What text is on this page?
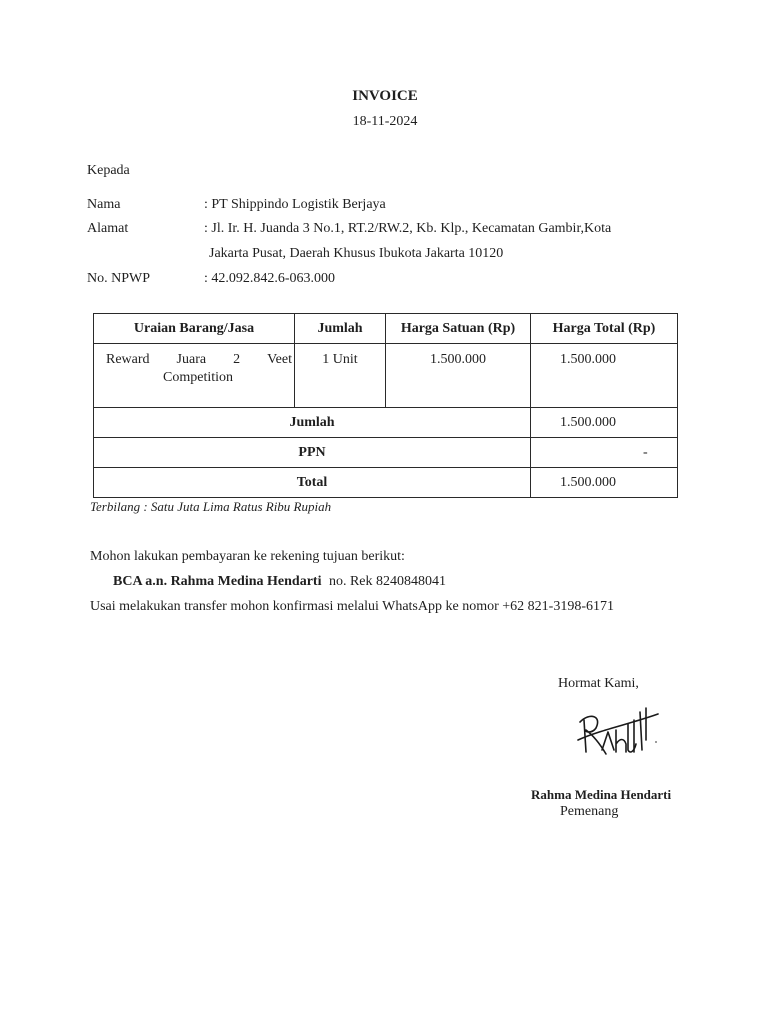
INVOICE
18-11-2024
Kepada
Nama	: PT Shippindo Logistik Berjaya
Alamat	: Jl. Ir. H. Juanda 3 No.1, RT.2/RW.2, Kb. Klp., Kecamatan Gambir,Kota
Jakarta Pusat, Daerah Khusus Ibukota Jakarta 10120
No. NPWP	: 42.092.842.6-063.000
Uraian Barang/Jasa	Jumlah	Harga Satuan (Rp)	Harga Total (Rp)
Reward Juara 2 Veet
Competition
1 Unit	1.500.000	1.500.000
Jumlah	1.500.000
PPN	-
Total	1.500.000
Terbilang : Satu Juta Lima Ratus Ribu Rupiah
Mohon lakukan pembayaran ke rekening tujuan berikut:
BCA a.n. Rahma Medina Hendarti no. Rek 8240848041
Usai melakukan transfer mohon konfirmasi melalui WhatsApp ke nomor +62 821-3198-6171
Hormat Kami,
Rahma Medina Hendarti
Pemenang
